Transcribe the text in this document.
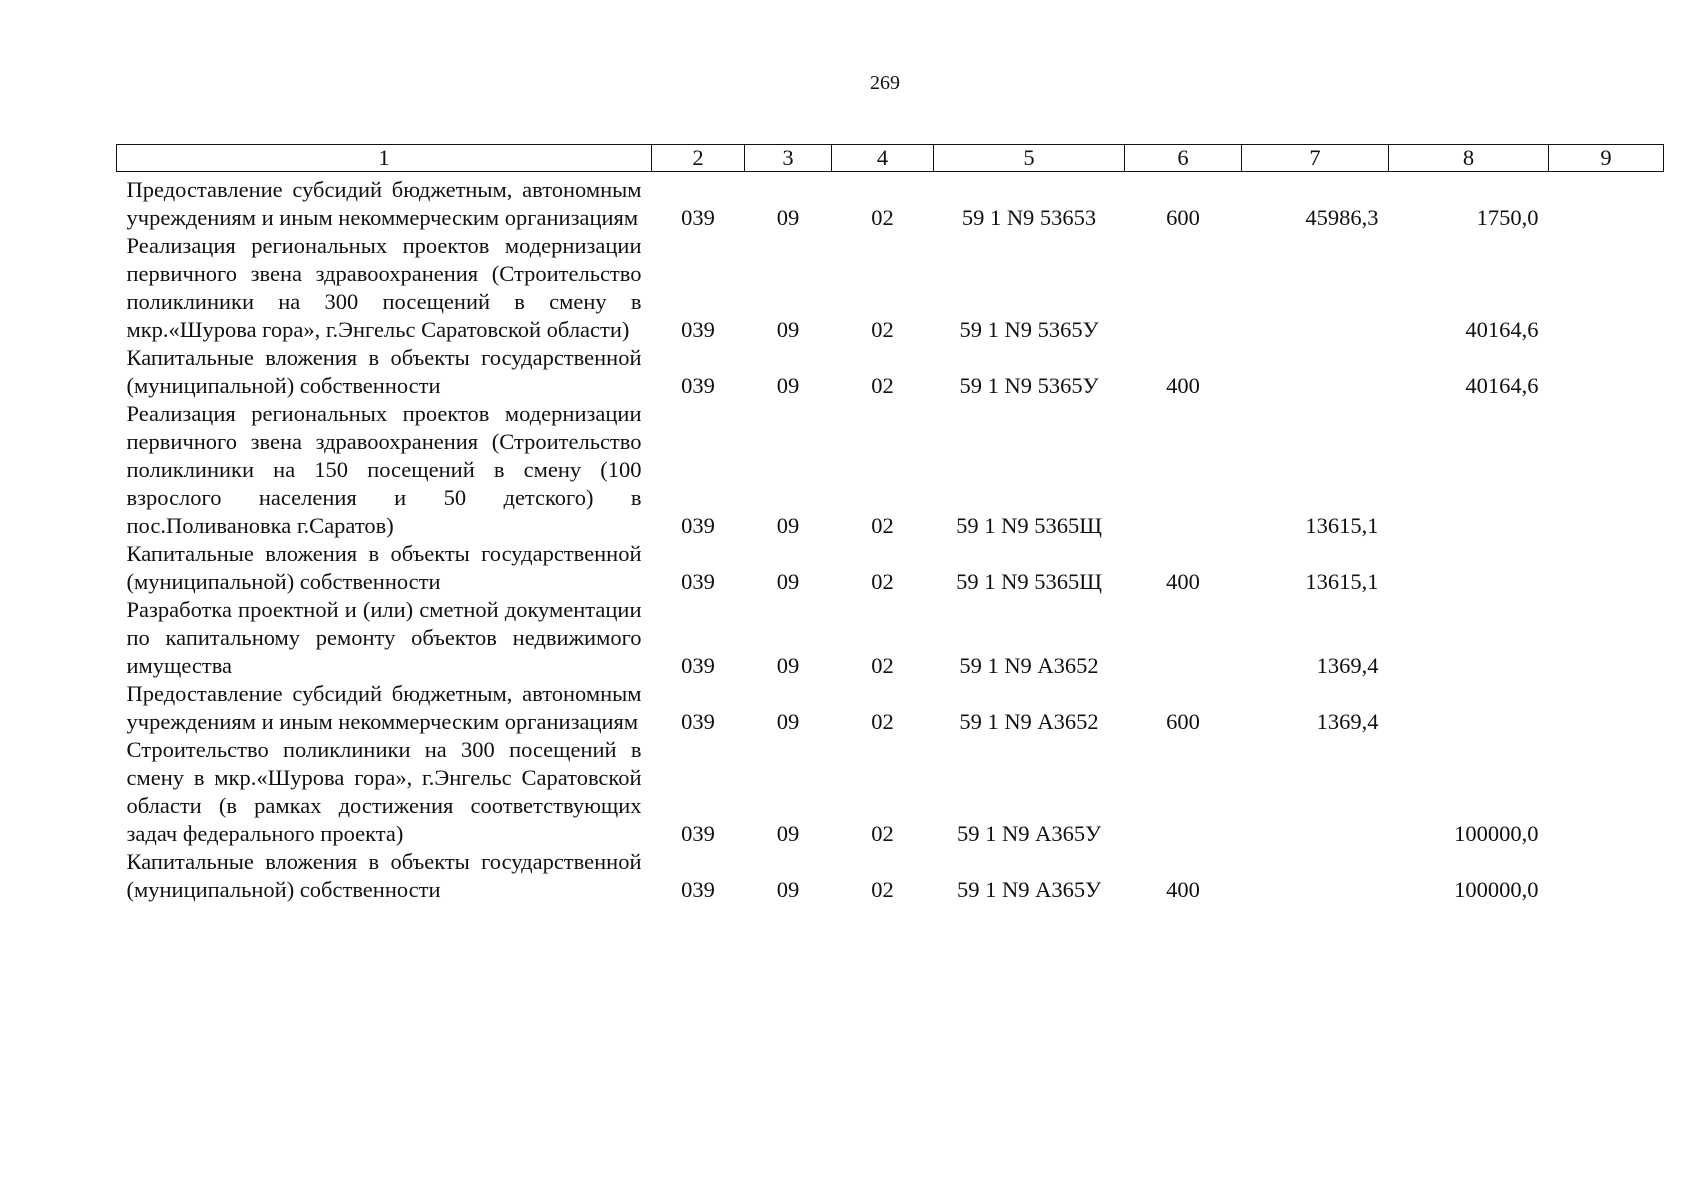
269
1	2	3	4	5	6	7	8	9
Предоставление субсидий бюджетным, автономным учреждениям и иным некоммерческим организациям	039	09	02	59 1 N9 53653	600	45986,3	1750,0	
Реализация региональных проектов модернизации первичного звена здравоохранения (Строительство поликлиники на 300 посещений в смену в мкр.«Шурова гора», г.Энгельс Саратовской области)	039	09	02	59 1 N9 5365У			40164,6	
Капитальные вложения в объекты государственной (муниципальной) собственности	039	09	02	59 1 N9 5365У	400		40164,6	
Реализация региональных проектов модернизации первичного звена здравоохранения (Строительство поликлиники на 150 посещений в смену (100 взрослого населения и 50 детского) в пос.Поливановка г.Саратов)	039	09	02	59 1 N9 5365Щ		13615,1		
Капитальные вложения в объекты государственной (муниципальной) собственности	039	09	02	59 1 N9 5365Щ	400	13615,1		
Разработка проектной и (или) сметной документации по капитальному ремонту объектов недвижимого имущества	039	09	02	59 1 N9 А3652		1369,4		
Предоставление субсидий бюджетным, автономным учреждениям и иным некоммерческим организациям	039	09	02	59 1 N9 А3652	600	1369,4		
Строительство поликлиники на 300 посещений в смену в мкр.«Шурова гора», г.Энгельс Саратовской области (в рамках достижения соответствующих задач федерального проекта)	039	09	02	59 1 N9 А365У			100000,0	
Капитальные вложения в объекты государственной (муниципальной) собственности	039	09	02	59 1 N9 А365У	400		100000,0	
